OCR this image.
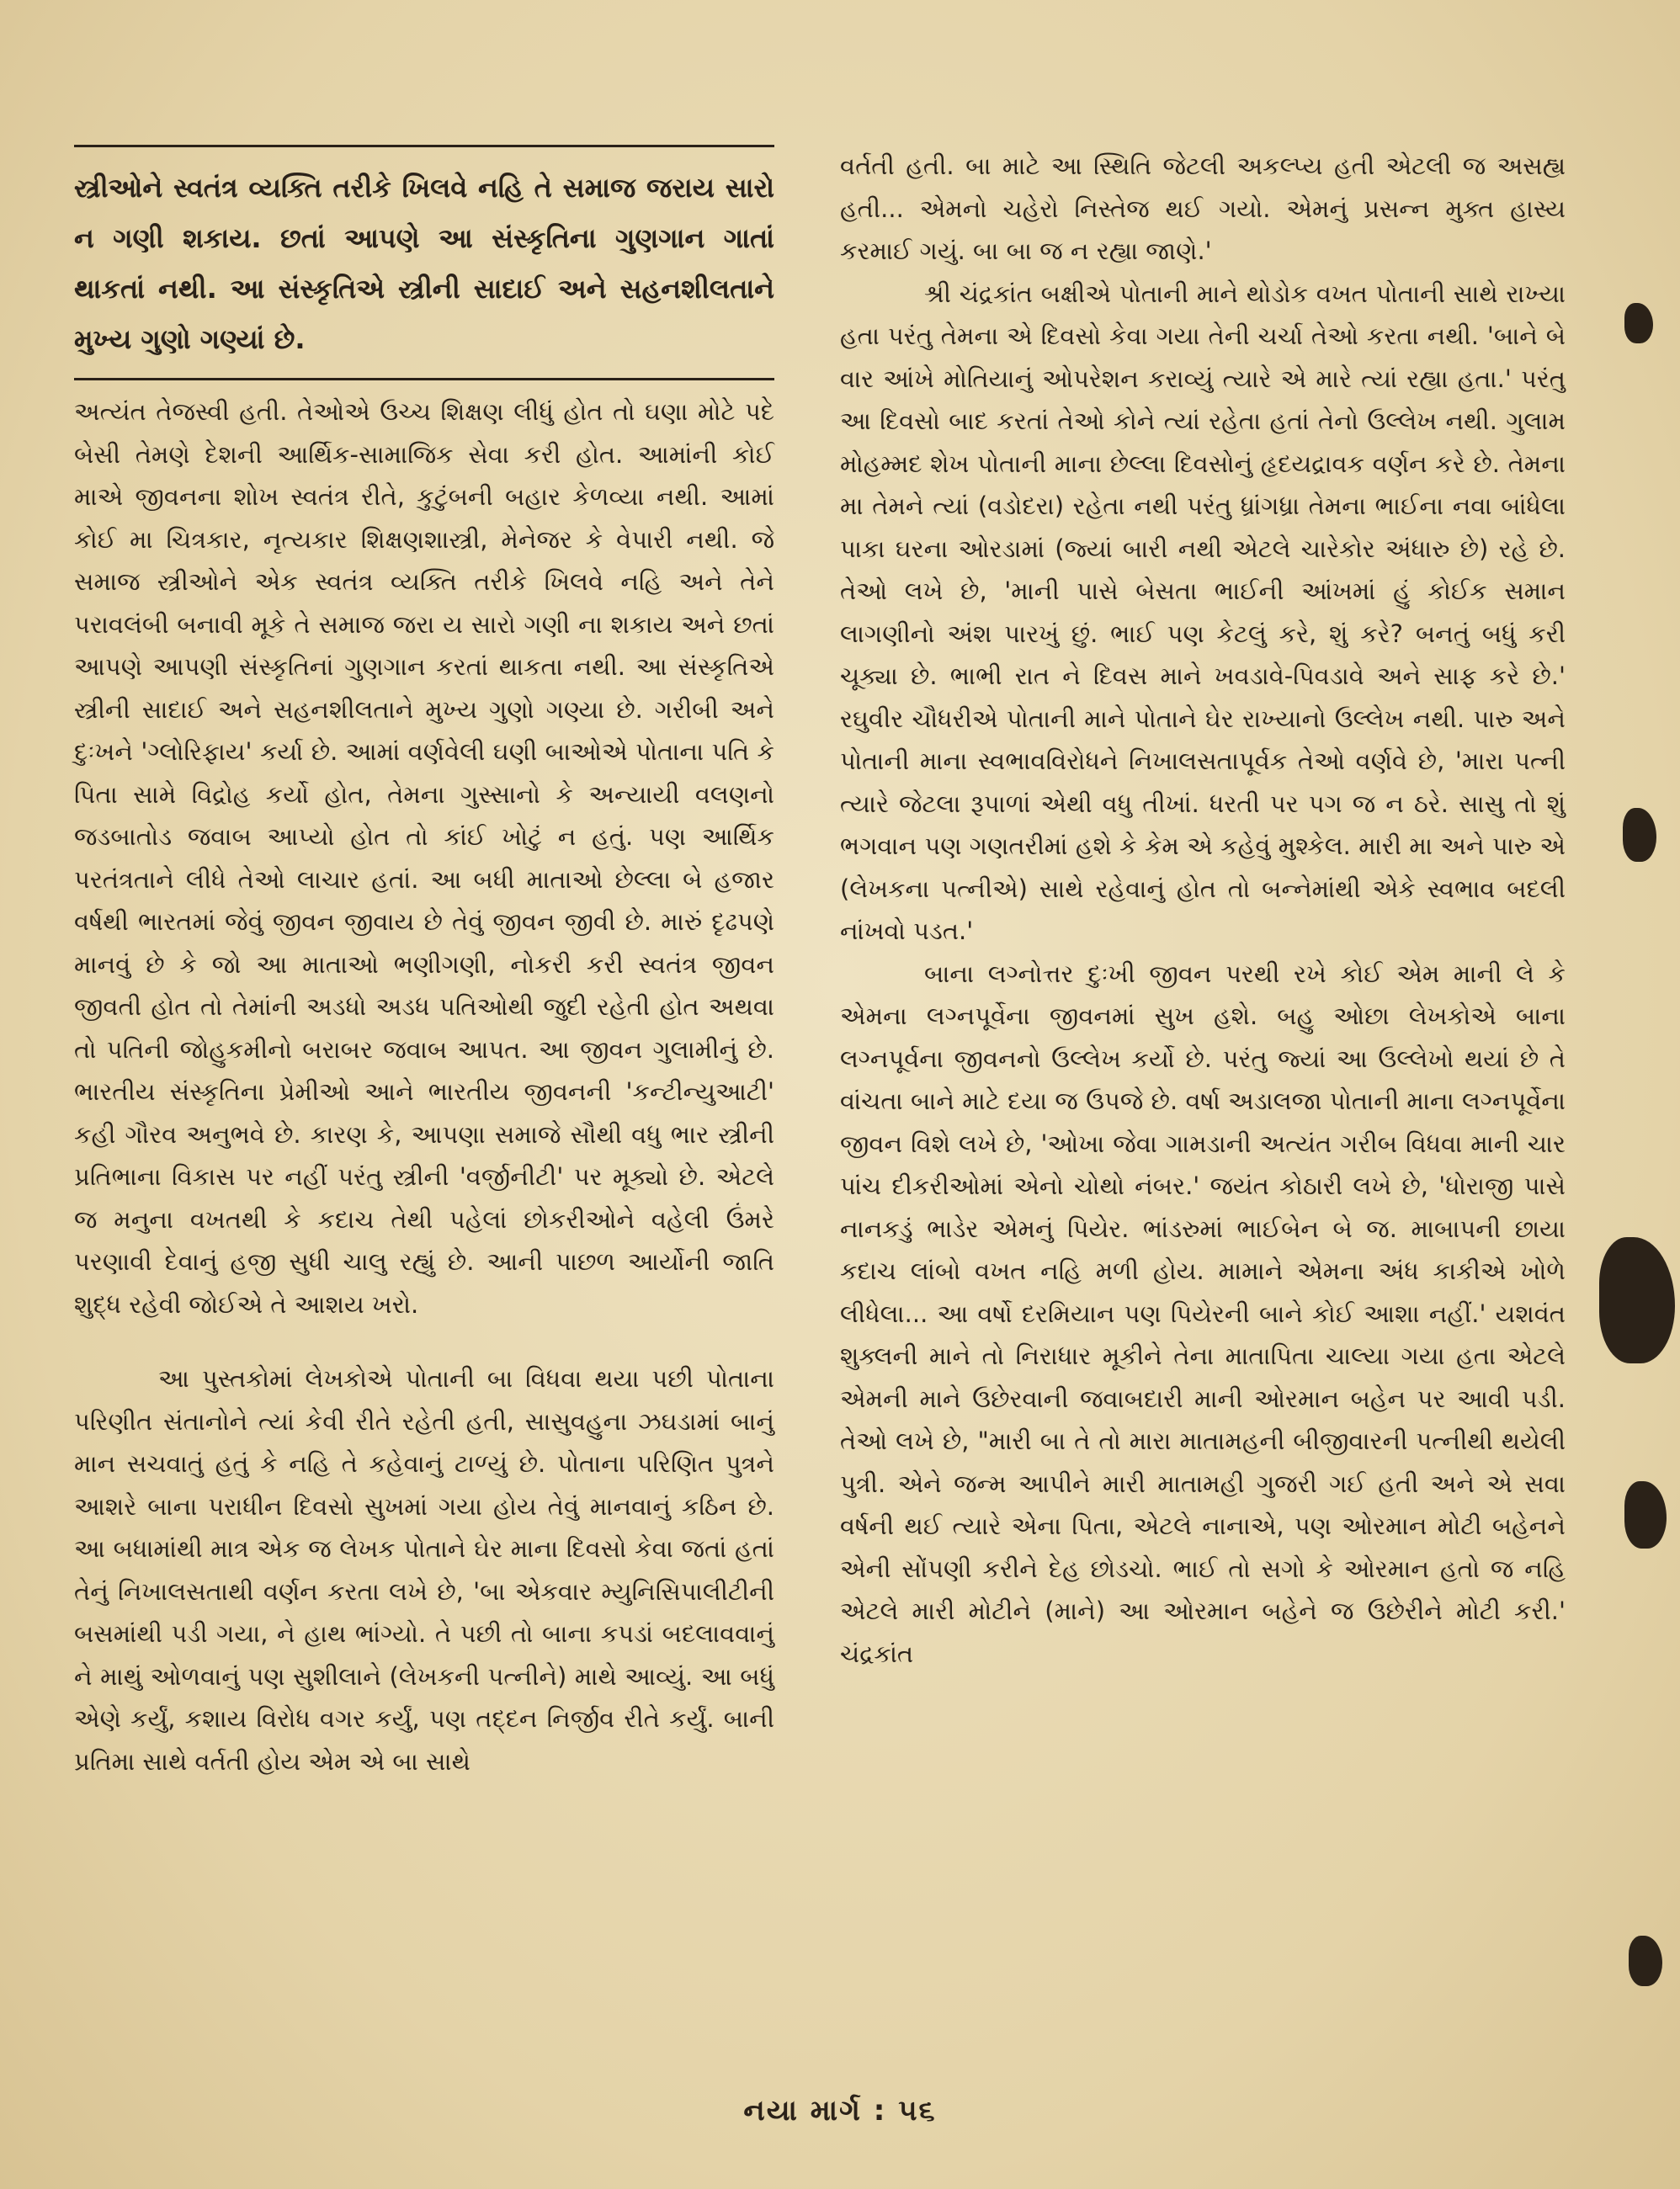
સ્ત્રીઓને સ્વતંત્ર વ્યક્તિ તરીકે ખિલવે નહિ તે સમાજ જરાય સારો ન ગણી શકાય. છતાં આપણે આ સંસ્કૃતિના ગુણગાન ગાતાં થાકતાં નથી. આ સંસ્કૃતિએ સ્ત્રીની સાદાઈ અને સહનશીલતાને મુખ્ય ગુણો ગણ્યાં છે.

અત્યંત તેજસ્વી હતી. તેઓએ ઉચ્ચ શિક્ષણ લીધું હોત તો ઘણા મોટે પદે બેસી તેમણે દેશની આર્થિક-સામાજિક સેવા કરી હોત. આમાંની કોઈ માએ જીવનના શોખ સ્વતંત્ર રીતે, કુટુંબની બહાર કેળવ્યા નથી. આમાં કોઈ મા ચિત્રકાર, નૃત્યકાર શિક્ષણશાસ્ત્રી, મેનેજર કે વેપારી નથી. જે સમાજ સ્ત્રીઓને એક સ્વતંત્ર વ્યક્તિ તરીકે ખિલવે નહિ અને તેને પરાવલંબી બનાવી મૂકે તે સમાજ જરા ય સારો ગણી ના શકાય અને છતાં આપણે આપણી સંસ્કૃતિનાં ગુણગાન કરતાં થાકતા નથી. આ સંસ્કૃતિએ સ્ત્રીની સાદાઈ અને સહનશીલતાને મુખ્ય ગુણો ગણ્યા છે. ગરીબી અને દુઃખને 'ગ્લોરિફાય' કર્યા છે. આમાં વર્ણવેલી ઘણી બાઓએ પોતાના પતિ કે પિતા સામે વિદ્રોહ કર્યો હોત, તેમના ગુસ્સાનો કે અન્યાયી વલણનો જડબાતોડ જવાબ આપ્યો હોત તો કાંઈ ખોટું ન હતું. પણ આર્થિક પરતંત્રતાને લીધે તેઓ લાચાર હતાં. આ બધી માતાઓ છેલ્લા બે હજાર વર્ષથી ભારતમાં જેવું જીવન જીવાય છે તેવું જીવન જીવી છે. મારું દૃઢપણે માનવું છે કે જો આ માતાઓ ભણીગણી, નોકરી કરી સ્વતંત્ર જીવન જીવતી હોત તો તેમાંની અડધો અડધ પતિઓથી જુદી રહેતી હોત અથવા તો પતિની જોહુકમીનો બરાબર જવાબ આપત. આ જીવન ગુલામીનું છે. ભારતીય સંસ્કૃતિના પ્રેમીઓ આને ભારતીય જીવનની 'કન્ટીન્યુઆટી' કહી ગૌરવ અનુભવે છે. કારણ કે, આપણા સમાજે સૌથી વધુ ભાર સ્ત્રીની પ્રતિભાના વિકાસ પર નહીં પરંતુ સ્ત્રીની 'વર્જીનીટી' પર મૂક્યો છે. એટલે જ મનુના વખતથી કે કદાચ તેથી પહેલાં છોકરીઓને વહેલી ઉંમરે પરણાવી દેવાનું હજી સુધી ચાલુ રહ્યું છે. આની પાછળ આર્યોની જાતિ શુદ્ધ રહેવી જોઈએ તે આશય ખરો.

આ પુસ્તકોમાં લેખકોએ પોતાની બા વિધવા થયા પછી પોતાના પરિણીત સંતાનોને ત્યાં કેવી રીતે રહેતી હતી, સાસુવહુના ઝઘડામાં બાનું માન સચવાતું હતું કે નહિ તે કહેવાનું ટાળ્યું છે. પોતાના પરિણિત પુત્રને આશરે બાના પરાધીન દિવસો સુખમાં ગયા હોય તેવું માનવાનું કઠિન છે. આ બધામાંથી માત્ર એક જ લેખક પોતાને ઘેર માના દિવસો કેવા જતાં હતાં તેનું નિખાલસતાથી વર્ણન કરતા લખે છે, 'બા એકવાર મ્યુનિસિપાલીટીની બસમાંથી પડી ગયા, ને હાથ ભાંગ્યો. તે પછી તો બાના કપડાં બદલાવવાનું ને માથું ઓળવાનું પણ સુશીલાને (લેખકની પત્નીને) માથે આવ્યું. આ બધું એણે કર્યું, કશાય વિરોધ વગર કર્યું, પણ તદ્દન નિર્જીવ રીતે કર્યું. બાની પ્રતિમા સાથે વર્તતી હોય એમ એ બા સાથે

વર્તતી હતી. બા માટે આ સ્થિતિ જેટલી અકલ્પ્ય હતી એટલી જ અસહ્ય હતી... એમનો ચહેરો નિસ્તેજ થઈ ગયો. એમનું પ્રસન્ન મુક્ત હાસ્ય કરમાઈ ગયું. બા બા જ ન રહ્યા જાણે.'

શ્રી ચંદ્રકાંત બક્ષીએ પોતાની માને થોડોક વખત પોતાની સાથે રાખ્યા હતા પરંતુ તેમના એ દિવસો કેવા ગયા તેની ચર્ચા તેઓ કરતા નથી. 'બાને બે વાર આંખે મોતિયાનું ઓપરેશન કરાવ્યું ત્યારે એ મારે ત્યાં રહ્યા હતા.' પરંતુ આ દિવસો બાદ કરતાં તેઓ કોને ત્યાં રહેતા હતાં તેનો ઉલ્લેખ નથી. ગુલામ મોહમ્મદ શેખ પોતાની માના છેલ્લા દિવસોનું હૃદયદ્રાવક વર્ણન કરે છે. તેમના મા તેમને ત્યાં (વડોદરા) રહેતા નથી પરંતુ ધ્રાંગધ્રા તેમના ભાઈના નવા બાંધેલા પાકા ઘરના ઓરડામાં (જ્યાં બારી નથી એટલે ચારેકોર અંધારુ છે) રહે છે. તેઓ લખે છે, 'માની પાસે બેસતા ભાઈની આંખમાં હું કોઈક સમાન લાગણીનો અંશ પારખું છું. ભાઈ પણ કેટલું કરે, શું કરે? બનતું બધું કરી ચૂક્યા છે. ભાભી રાત ને દિવસ માને ખવડાવે-પિવડાવે અને સાફ કરે છે.' રઘુવીર ચૌધરીએ પોતાની માને પોતાને ઘેર રાખ્યાનો ઉલ્લેખ નથી. પારુ અને પોતાની માના સ્વભાવવિરોધને નિખાલસતાપૂર્વક તેઓ વર્ણવે છે, 'મારા પત્ની ત્યારે જેટલા રૂપાળાં એથી વધુ તીખાં. ધરતી પર પગ જ ન ઠરે. સાસુ તો શું ભગવાન પણ ગણતરીમાં હશે કે કેમ એ કહેવું મુશ્કેલ. મારી મા અને પારુ એ (લેખકના પત્નીએ) સાથે રહેવાનું હોત તો બન્નેમાંથી એકે સ્વભાવ બદલી નાંખવો પડત.'

બાના લગ્નોત્તર દુઃખી જીવન પરથી રખે કોઈ એમ માની લે કે એમના લગ્નપૂર્વેના જીવનમાં સુખ હશે. બહુ ઓછા લેખકોએ બાના લગ્નપૂર્વના જીવનનો ઉલ્લેખ કર્યો છે. પરંતુ જ્યાં આ ઉલ્લેખો થયાં છે તે વાંચતા બાને માટે દયા જ ઉપજે છે. વર્ષા અડાલજા પોતાની માના લગ્નપૂર્વેના જીવન વિશે લખે છે, 'ઓખા જેવા ગામડાની અત્યંત ગરીબ વિધવા માની ચાર પાંચ દીકરીઓમાં એનો ચોથો નંબર.' જયંત કોઠારી લખે છે, 'ધોરાજી પાસે નાનકડું ભાડેર એમનું પિયેર. ભાંડરુમાં ભાઈબેન બે જ. માબાપની છાયા કદાચ લાંબો વખત નહિ મળી હોય. મામાને એમના અંધ કાકીએ ખોળે લીધેલા... આ વર્ષો દરમિયાન પણ પિયેરની બાને કોઈ આશા નહીં.' યશવંત શુક્લની માને તો નિરાધાર મૂકીને તેના માતાપિતા ચાલ્યા ગયા હતા એટલે એમની માને ઉછેરવાની જવાબદારી માની ઓરમાન બહેન પર આવી પડી. તેઓ લખે છે, "મારી બા તે તો મારા માતામહની બીજીવારની પત્નીથી થયેલી પુત્રી. એને જન્મ આપીને મારી માતામહી ગુજરી ગઈ હતી અને એ સવા વર્ષની થઈ ત્યારે એના પિતા, એટલે નાનાએ, પણ ઓરમાન મોટી બહેનને એની સોંપણી કરીને દેહ છોડચો. ભાઈ તો સગો કે ઓરમાન હતો જ નહિ એટલે મારી મોટીને (માને) આ ઓરમાન બહેને જ ઉછેરીને મોટી કરી.' ચંદ્રકાંત

નયા માર્ગ : ૫૬
